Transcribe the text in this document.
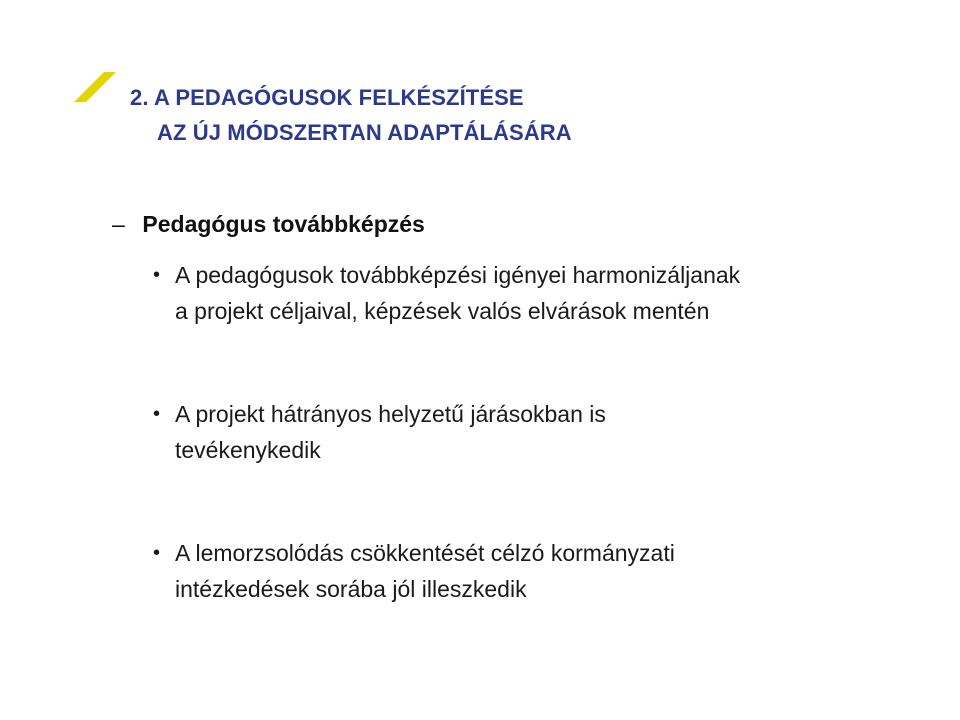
2. A PEDAGÓGUSOK FELKÉSZÍTÉSE
AZ ÚJ MÓDSZERTAN ADAPTÁLÁSÁRA
– Pedagógus továbbképzés
• A pedagógusok továbbképzési igényei harmonizáljanak
a projekt céljaival, képzések valós elvárások mentén
• A projekt hátrányos helyzetű járásokban is
tevékenykedik
• A lemorzsolódás csökkentését célzó kormányzati
intézkedések sorába jól illeszkedik
